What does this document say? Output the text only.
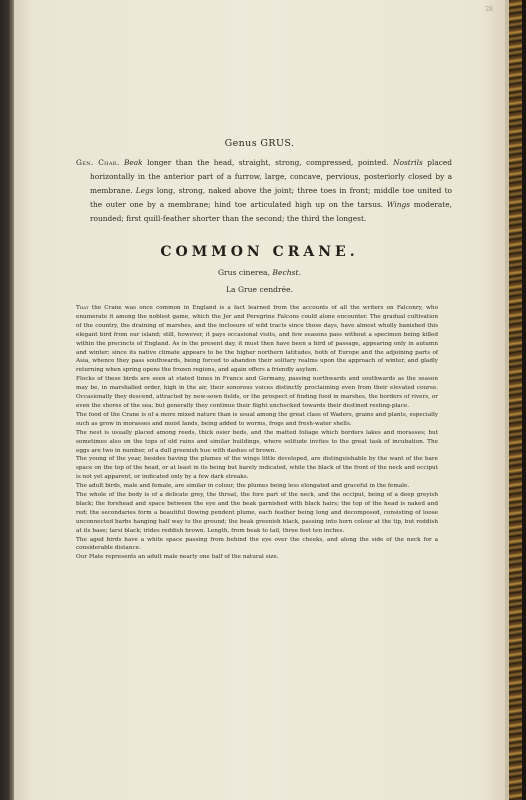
28
Genus GRUS.
Gen. Char. Beak longer than the head, straight, strong, compressed, pointed. Nostrils placed horizontally in the anterior part of a furrow, large, concave, pervious, posteriorly closed by a membrane. Legs long, strong, naked above the joint; three toes in front; middle toe united to the outer one by a membrane; hind toe articulated high up on the tarsus. Wings moderate, rounded; first quill-feather shorter than the second; the third the longest.
COMMON CRANE.
Grus cinerea, Bechst.
La Grue cendrée.

That the Crane was once common in England is a fact learned from the accounts of all the writers on Falconry, who enumerate it among the noblest game, which the Jer and Peregrine Falcons could alone encounter. The gradual cultivation of the country, the draining of marshes, and the inclosure of wild tracts since those days, have almost wholly banished this elegant bird from our island; still, however, it pays occasional visits, and few seasons pass without a specimen being killed within the precincts of England. As in the present day, it must then have been a bird of passage, appearing only in autumn and winter; since its native climate appears to be the higher northern latitudes, both of Europe and the adjoining parts of Asia, whence they pass southwards, being forced to abandon their solitary realms upon the approach of winter, and gladly returning when spring opens the frozen regions, and again offers a friendly asylum.

Flocks of these birds are seen at stated times in France and Germany, passing northwards and southwards as the season may be, in marshalled order, high in the air, their sonorous voices distinctly proclaiming even from their elevated course. Occasionally they descend, attracted by new-sown fields, or the prospect of finding food in marshes, the borders of rivers, or even the shores of the sea; but generally they continue their flight unchecked towards their destined resting-place.

The food of the Crane is of a more mixed nature than is usual among the great class of Waders, grains and plants, especially such as grow in morasses and moist lands, being added to worms, frogs and fresh-water shells.

The nest is usually placed among reeds, thick osier beds, and the matted foliage which borders lakes and morasses; but sometimes also on the tops of old ruins and similar buildings, where solitude invites to the great task of incubation. The eggs are two in number, of a dull greenish hue with dashes of brown.

The young of the year, besides having the plumes of the wings little developed, are distinguishable by the want of the bare space on the top of the head, or at least in its being but barely indicated, while the black of the front of the neck and occiput is not yet apparent, or indicated only by a few dark streaks.

The adult birds, male and female, are similar in colour, the plumes being less elongated and graceful in the female.

The whole of the body is of a delicate grey, the throat, the fore part of the neck, and the occiput, being of a deep greyish black; the forehead and space between the eye and the beak garnished with black hairs; the top of the head is naked and red; the secondaries form a beautiful flowing pendent plume, each feather being long and decomposed, consisting of loose unconnected barbs hanging half way to the ground; the beak greenish black, passing into horn colour at the tip, but reddish at its base; tarsi black; irides reddish brown. Length, from beak to tail, three feet ten inches.

The aged birds have a white space passing from behind the eye over the cheeks, and along the side of the neck for a considerable distance.

Our Plate represents an adult male nearly one half of the natural size.
